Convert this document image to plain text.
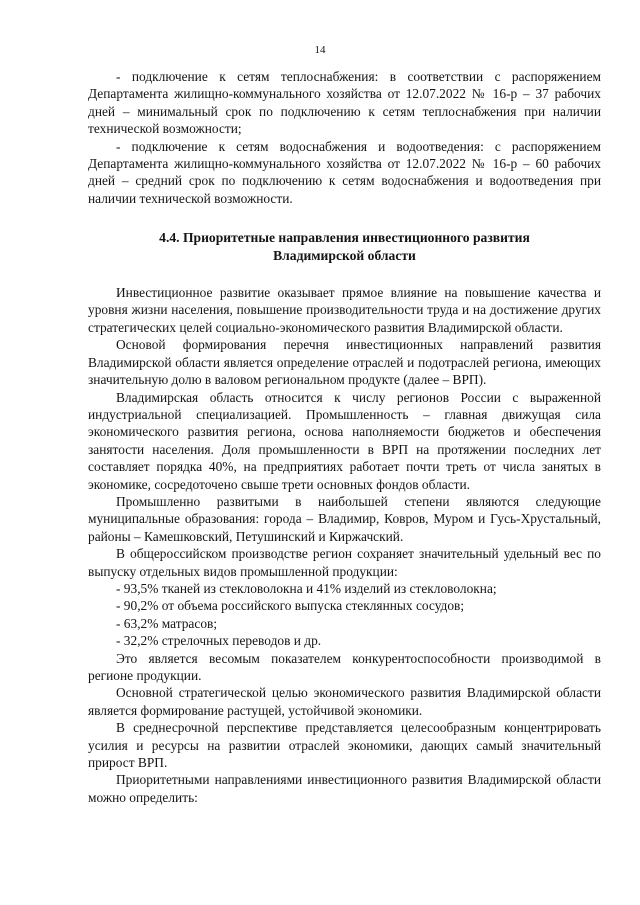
14

- подключение к сетям теплоснабжения: в соответствии с распоряжением Департамента жилищно-коммунального хозяйства от 12.07.2022 № 16-р – 37 рабочих дней – минимальный срок по подключению к сетям теплоснабжения при наличии технической возможности;

- подключение к сетям водоснабжения и водоотведения: с распоряжением Департамента жилищно-коммунального хозяйства от 12.07.2022 № 16-р – 60 рабочих дней – средний срок по подключению к сетям водоснабжения и водоотведения при наличии технической возможности.

4.4. Приоритетные направления инвестиционного развития
Владимирской области

Инвестиционное развитие оказывает прямое влияние на повышение качества и уровня жизни населения, повышение производительности труда и на достижение других стратегических целей социально-экономического развития Владимирской области.

Основой формирования перечня инвестиционных направлений развития Владимирской области является определение отраслей и подотраслей региона, имеющих значительную долю в валовом региональном продукте (далее – ВРП).

Владимирская область относится к числу регионов России с выраженной индустриальной специализацией. Промышленность – главная движущая сила экономического развития региона, основа наполняемости бюджетов и обеспечения занятости населения. Доля промышленности в ВРП на протяжении последних лет составляет порядка 40%, на предприятиях работает почти треть от числа занятых в экономике, сосредоточено свыше трети основных фондов области.

Промышленно развитыми в наибольшей степени являются следующие муниципальные образования: города – Владимир, Ковров, Муром и Гусь-Хрустальный, районы – Камешковский, Петушинский и Киржачский.

В общероссийском производстве регион сохраняет значительный удельный вес по выпуску отдельных видов промышленной продукции:

- 93,5% тканей из стекловолокна и 41% изделий из стекловолокна;

- 90,2% от объема российского выпуска стеклянных сосудов;

- 63,2% матрасов;

- 32,2% стрелочных переводов и др.

Это является весомым показателем конкурентоспособности производимой в регионе продукции.

Основной стратегической целью экономического развития Владимирской области является формирование растущей, устойчивой экономики.

В среднесрочной перспективе представляется целесообразным концентрировать усилия и ресурсы на развитии отраслей экономики, дающих самый значительный прирост ВРП.

Приоритетными направлениями инвестиционного развития Владимирской области можно определить:
